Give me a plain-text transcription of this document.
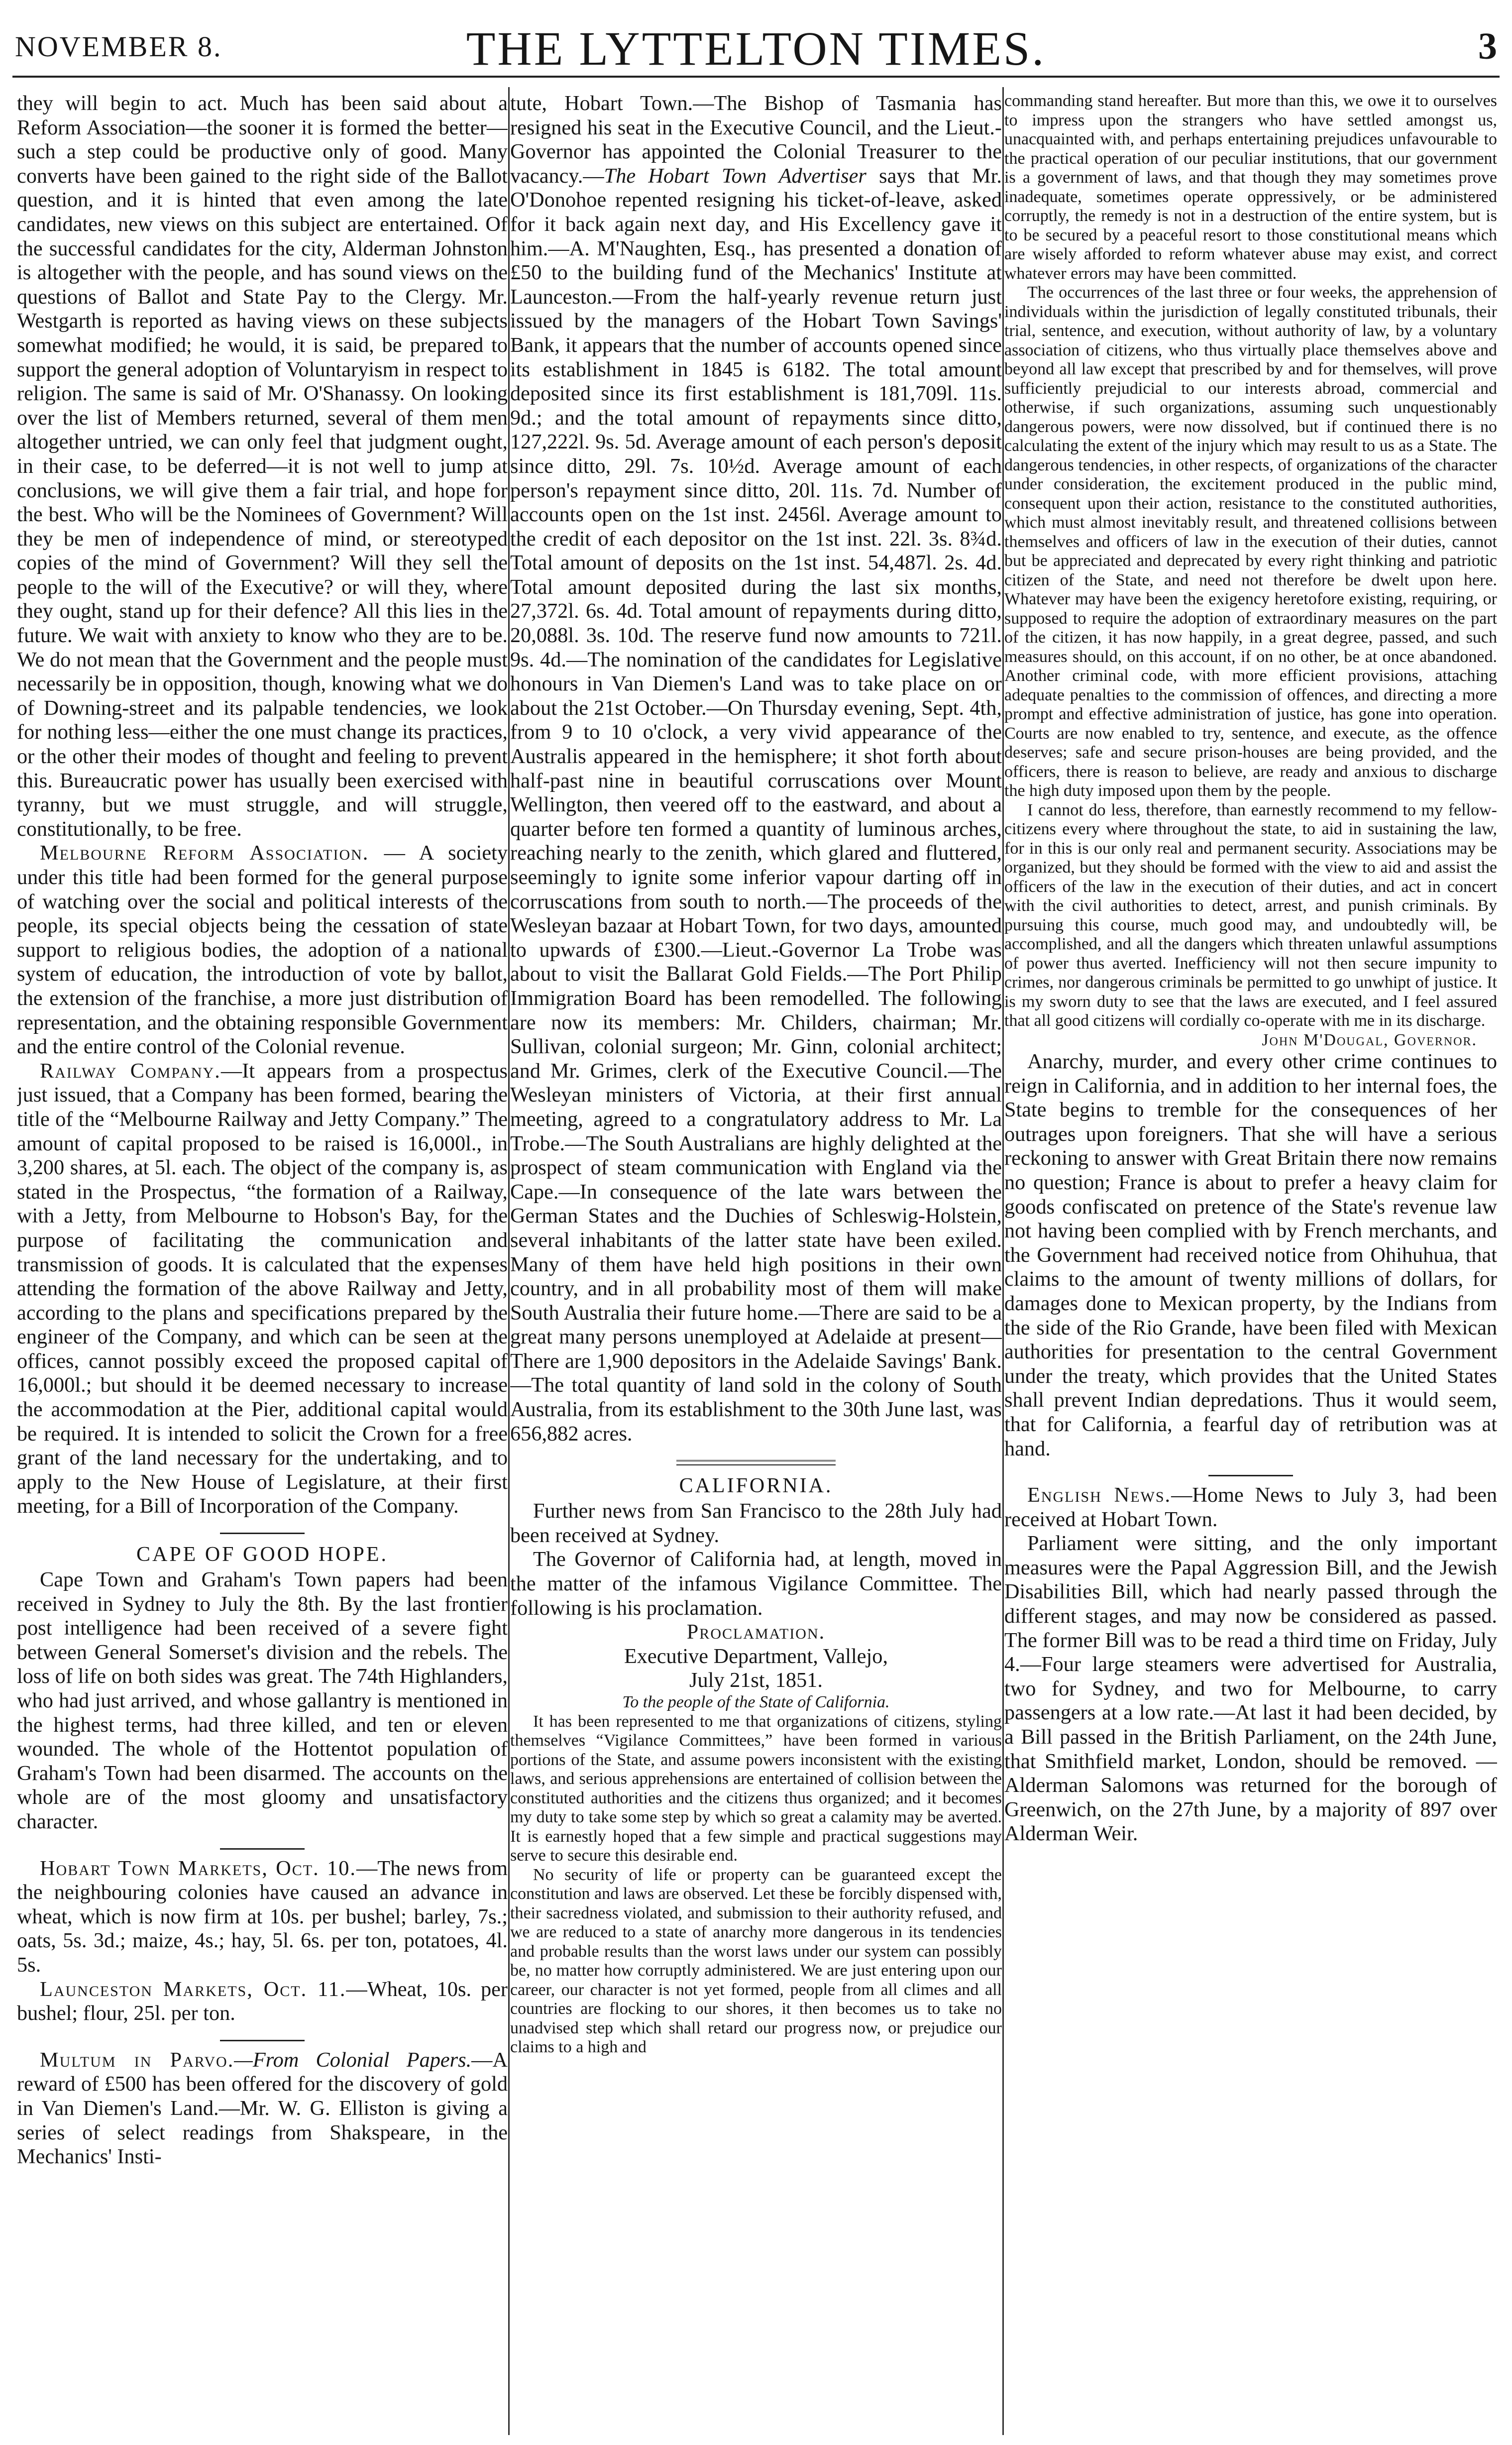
NOVEMBER 8.	THE LYTTELTON TIMES.	3

they will begin to act. Much has been said about a Reform Association—the sooner it is formed the better—such a step could be productive only of good. Many converts have been gained to the right side of the Ballot question, and it is hinted that even among the late candidates, new views on this subject are entertained. Of the successful candidates for the city, Alderman Johnston is altogether with the people, and has sound views on the questions of Ballot and State Pay to the Clergy. Mr. Westgarth is reported as having views on these subjects somewhat modified; he would, it is said, be prepared to support the general adoption of Voluntaryism in respect to religion. The same is said of Mr. O'Shanassy. On looking over the list of Members returned, several of them men altogether untried, we can only feel that judgment ought, in their case, to be deferred—it is not well to jump at conclusions, we will give them a fair trial, and hope for the best. Who will be the Nominees of Government? Will they be men of independence of mind, or stereotyped copies of the mind of Government? Will they sell the people to the will of the Executive? or will they, where they ought, stand up for their defence? All this lies in the future. We wait with anxiety to know who they are to be. We do not mean that the Government and the people must necessarily be in opposition, though, knowing what we do of Downing-street and its palpable tendencies, we look for nothing less—either the one must change its practices, or the other their modes of thought and feeling to prevent this. Bureaucratic power has usually been exercised with tyranny, but we must struggle, and will struggle, constitutionally, to be free.

Melbourne Reform Association. — A society under this title had been formed for the general purpose of watching over the social and political interests of the people, its special objects being the cessation of state support to religious bodies, the adoption of a national system of education, the introduction of vote by ballot, the extension of the franchise, a more just distribution of representation, and the obtaining responsible Government and the entire control of the Colonial revenue.

Railway Company.—It appears from a prospectus just issued, that a Company has been formed, bearing the title of the “Melbourne Railway and Jetty Company.” The amount of capital proposed to be raised is 16,000l., in 3,200 shares, at 5l. each. The object of the company is, as stated in the Prospectus, “the formation of a Railway, with a Jetty, from Melbourne to Hobson's Bay, for the purpose of facilitating the communication and transmission of goods. It is calculated that the expenses attending the formation of the above Railway and Jetty, according to the plans and specifications prepared by the engineer of the Company, and which can be seen at the offices, cannot possibly exceed the proposed capital of 16,000l.; but should it be deemed necessary to increase the accommodation at the Pier, additional capital would be required. It is intended to solicit the Crown for a free grant of the land necessary for the undertaking, and to apply to the New House of Legislature, at their first meeting, for a Bill of Incorporation of the Company.

CAPE OF GOOD HOPE.

Cape Town and Graham's Town papers had been received in Sydney to July the 8th. By the last frontier post intelligence had been received of a severe fight between General Somerset's division and the rebels. The loss of life on both sides was great. The 74th Highlanders, who had just arrived, and whose gallantry is mentioned in the highest terms, had three killed, and ten or eleven wounded. The whole of the Hottentot population of Graham's Town had been disarmed. The accounts on the whole are of the most gloomy and unsatisfactory character.

Hobart Town Markets, Oct. 10.—The news from the neighbouring colonies have caused an advance in wheat, which is now firm at 10s. per bushel; barley, 7s.; oats, 5s. 3d.; maize, 4s.; hay, 5l. 6s. per ton, potatoes, 4l. 5s.

Launceston Markets, Oct. 11.—Wheat, 10s. per bushel; flour, 25l. per ton.

Multum in Parvo.—From Colonial Papers.—A reward of £500 has been offered for the discovery of gold in Van Diemen's Land.—Mr. W. G. Elliston is giving a series of select readings from Shakspeare, in the Mechanics' Insti-

tute, Hobart Town.—The Bishop of Tasmania has resigned his seat in the Executive Council, and the Lieut.-Governor has appointed the Colonial Treasurer to the vacancy.—The Hobart Town Advertiser says that Mr. O'Donohoe repented resigning his ticket-of-leave, asked for it back again next day, and His Excellency gave it him.—A. M'Naughten, Esq., has presented a donation of £50 to the building fund of the Mechanics' Institute at Launceston.—From the half-yearly revenue return just issued by the managers of the Hobart Town Savings' Bank, it appears that the number of accounts opened since its establishment in 1845 is 6182. The total amount deposited since its first establishment is 181,709l. 11s. 9d.; and the total amount of repayments since ditto, 127,222l. 9s. 5d. Average amount of each person's deposit since ditto, 29l. 7s. 10½d. Average amount of each person's repayment since ditto, 20l. 11s. 7d. Number of accounts open on the 1st inst. 2456l. Average amount to the credit of each depositor on the 1st inst. 22l. 3s. 8¾d. Total amount of deposits on the 1st inst. 54,487l. 2s. 4d. Total amount deposited during the last six months, 27,372l. 6s. 4d. Total amount of repayments during ditto, 20,088l. 3s. 10d. The reserve fund now amounts to 721l. 9s. 4d.—The nomination of the candidates for Legislative honours in Van Diemen's Land was to take place on or about the 21st October.—On Thursday evening, Sept. 4th, from 9 to 10 o'clock, a very vivid appearance of the Australis appeared in the hemisphere; it shot forth about half-past nine in beautiful corruscations over Mount Wellington, then veered off to the eastward, and about a quarter before ten formed a quantity of luminous arches, reaching nearly to the zenith, which glared and fluttered, seemingly to ignite some inferior vapour darting off in corruscations from south to north.—The proceeds of the Wesleyan bazaar at Hobart Town, for two days, amounted to upwards of £300.—Lieut.-Governor La Trobe was about to visit the Ballarat Gold Fields.—The Port Philip Immigration Board has been remodelled. The following are now its members: Mr. Childers, chairman; Mr. Sullivan, colonial surgeon; Mr. Ginn, colonial architect; and Mr. Grimes, clerk of the Executive Council.—The Wesleyan ministers of Victoria, at their first annual meeting, agreed to a congratulatory address to Mr. La Trobe.—The South Australians are highly delighted at the prospect of steam communication with England via the Cape.—In consequence of the late wars between the German States and the Duchies of Schleswig-Holstein, several inhabitants of the latter state have been exiled. Many of them have held high positions in their own country, and in all probability most of them will make South Australia their future home.—There are said to be a great many persons unemployed at Adelaide at present—There are 1,900 depositors in the Adelaide Savings' Bank.—The total quantity of land sold in the colony of South Australia, from its establishment to the 30th June last, was 656,882 acres.

CALIFORNIA.

Further news from San Francisco to the 28th July had been received at Sydney.

The Governor of California had, at length, moved in the matter of the infamous Vigilance Committee. The following is his proclamation.

Proclamation.

Executive Department, Vallejo,

July 21st, 1851.

To the people of the State of California.

It has been represented to me that organizations of citizens, styling themselves “Vigilance Committees,” have been formed in various portions of the State, and assume powers inconsistent with the existing laws, and serious apprehensions are entertained of collision between the constituted authorities and the citizens thus organized; and it becomes my duty to take some step by which so great a calamity may be averted. It is earnestly hoped that a few simple and practical suggestions may serve to secure this desirable end.

No security of life or property can be guaranteed except the constitution and laws are observed. Let these be forcibly dispensed with, their sacredness violated, and submission to their authority refused, and we are reduced to a state of anarchy more dangerous in its tendencies and probable results than the worst laws under our system can possibly be, no matter how corruptly administered. We are just entering upon our career, our character is not yet formed, people from all climes and all countries are flocking to our shores, it then becomes us to take no unadvised step which shall retard our progress now, or prejudice our claims to a high and

commanding stand hereafter. But more than this, we owe it to ourselves to impress upon the strangers who have settled amongst us, unacquainted with, and perhaps entertaining prejudices unfavourable to the practical operation of our peculiar institutions, that our government is a government of laws, and that though they may sometimes prove inadequate, sometimes operate oppressively, or be administered corruptly, the remedy is not in a destruction of the entire system, but is to be secured by a peaceful resort to those constitutional means which are wisely afforded to reform whatever abuse may exist, and correct whatever errors may have been committed.

The occurrences of the last three or four weeks, the apprehension of individuals within the jurisdiction of legally constituted tribunals, their trial, sentence, and execution, without authority of law, by a voluntary association of citizens, who thus virtually place themselves above and beyond all law except that prescribed by and for themselves, will prove sufficiently prejudicial to our interests abroad, commercial and otherwise, if such organizations, assuming such unquestionably dangerous powers, were now dissolved, but if continued there is no calculating the extent of the injury which may result to us as a State. The dangerous tendencies, in other respects, of organizations of the character under consideration, the excitement produced in the public mind, consequent upon their action, resistance to the constituted authorities, which must almost inevitably result, and threatened collisions between themselves and officers of law in the execution of their duties, cannot but be appreciated and deprecated by every right thinking and patriotic citizen of the State, and need not therefore be dwelt upon here. Whatever may have been the exigency heretofore existing, requiring, or supposed to require the adoption of extraordinary measures on the part of the citizen, it has now happily, in a great degree, passed, and such measures should, on this account, if on no other, be at once abandoned. Another criminal code, with more efficient provisions, attaching adequate penalties to the commission of offences, and directing a more prompt and effective administration of justice, has gone into operation. Courts are now enabled to try, sentence, and execute, as the offence deserves; safe and secure prison-houses are being provided, and the officers, there is reason to believe, are ready and anxious to discharge the high duty imposed upon them by the people.

I cannot do less, therefore, than earnestly recommend to my fellow-citizens every where throughout the state, to aid in sustaining the law, for in this is our only real and permanent security. Associations may be organized, but they should be formed with the view to aid and assist the officers of the law in the execution of their duties, and act in concert with the civil authorities to detect, arrest, and punish criminals. By pursuing this course, much good may, and undoubtedly will, be accomplished, and all the dangers which threaten unlawful assumptions of power thus averted. Inefficiency will not then secure impunity to crimes, nor dangerous criminals be permitted to go unwhipt of justice. It is my sworn duty to see that the laws are executed, and I feel assured that all good citizens will cordially co-operate with me in its discharge.

John M'Dougal, Governor.

Anarchy, murder, and every other crime continues to reign in California, and in addition to her internal foes, the State begins to tremble for the consequences of her outrages upon foreigners. That she will have a serious reckoning to answer with Great Britain there now remains no question; France is about to prefer a heavy claim for goods confiscated on pretence of the State's revenue law not having been complied with by French merchants, and the Government had received notice from Ohihuhua, that claims to the amount of twenty millions of dollars, for damages done to Mexican property, by the Indians from the side of the Rio Grande, have been filed with Mexican authorities for presentation to the central Government under the treaty, which provides that the United States shall prevent Indian depredations. Thus it would seem, that for California, a fearful day of retribution was at hand.

English News.—Home News to July 3, had been received at Hobart Town.

Parliament were sitting, and the only important measures were the Papal Aggression Bill, and the Jewish Disabilities Bill, which had nearly passed through the different stages, and may now be considered as passed. The former Bill was to be read a third time on Friday, July 4.—Four large steamers were advertised for Australia, two for Sydney, and two for Melbourne, to carry passengers at a low rate.—At last it had been decided, by a Bill passed in the British Parliament, on the 24th June, that Smithfield market, London, should be removed. —Alderman Salomons was returned for the borough of Greenwich, on the 27th June, by a majority of 897 over Alderman Weir.
